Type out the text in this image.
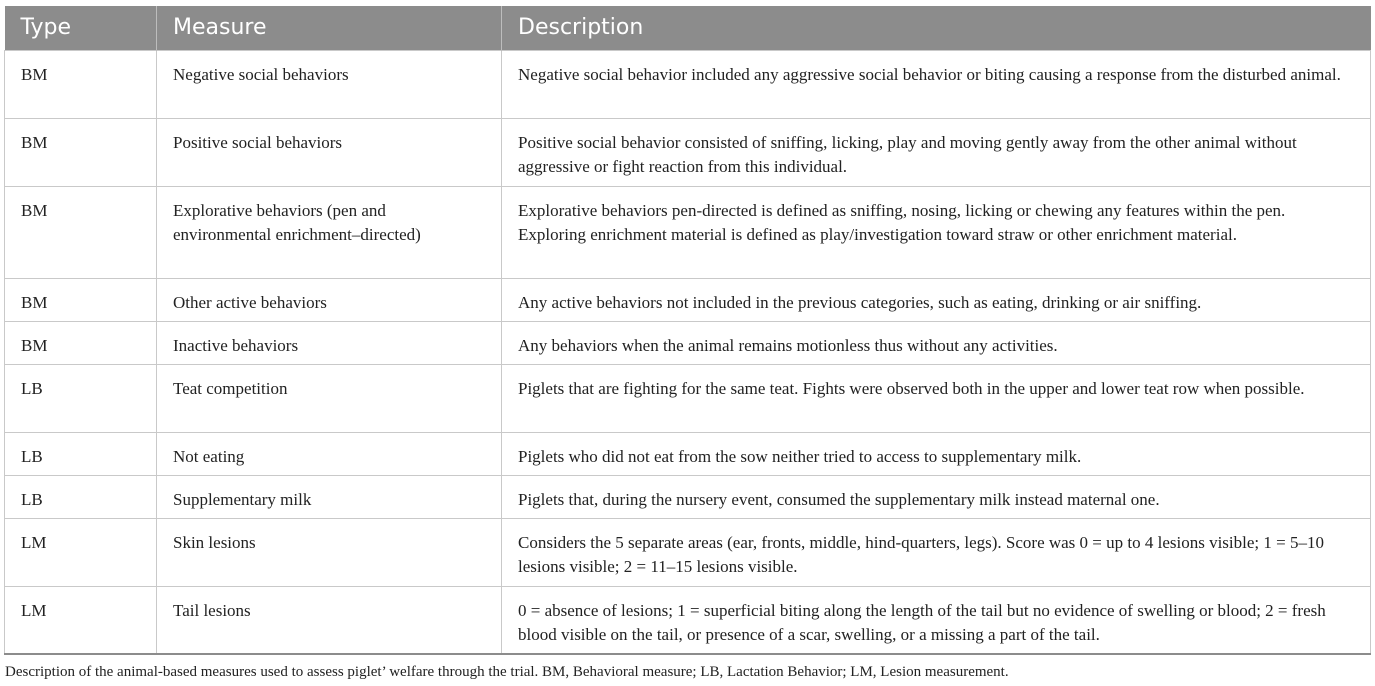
Type	Measure	Description
BM	Negative social behaviors	Negative social behavior included any aggressive social behavior or biting causing a response from the disturbed animal.
BM	Positive social behaviors	Positive social behavior consisted of sniffing, licking, play and moving gently away from the other animal without aggressive or fight reaction from this individual.
BM	Explorative behaviors (pen and environmental enrichment–directed)	Explorative behaviors pen-directed is defined as sniffing, nosing, licking or chewing any features within the pen. Exploring enrichment material is defined as play/investigation toward straw or other enrichment material.
BM	Other active behaviors	Any active behaviors not included in the previous categories, such as eating, drinking or air sniffing.
BM	Inactive behaviors	Any behaviors when the animal remains motionless thus without any activities.
LB	Teat competition	Piglets that are fighting for the same teat. Fights were observed both in the upper and lower teat row when possible.
LB	Not eating	Piglets who did not eat from the sow neither tried to access to supplementary milk.
LB	Supplementary milk	Piglets that, during the nursery event, consumed the supplementary milk instead maternal one.
LM	Skin lesions	Considers the 5 separate areas (ear, fronts, middle, hind-quarters, legs). Score was 0 = up to 4 lesions visible; 1 = 5–10 lesions visible; 2 = 11–15 lesions visible.
LM	Tail lesions	0 = absence of lesions; 1 = superficial biting along the length of the tail but no evidence of swelling or blood; 2 = fresh blood visible on the tail, or presence of a scar, swelling, or a missing a part of the tail.
Description of the animal-based measures used to assess piglet’ welfare through the trial. BM, Behavioral measure; LB, Lactation Behavior; LM, Lesion measurement.
